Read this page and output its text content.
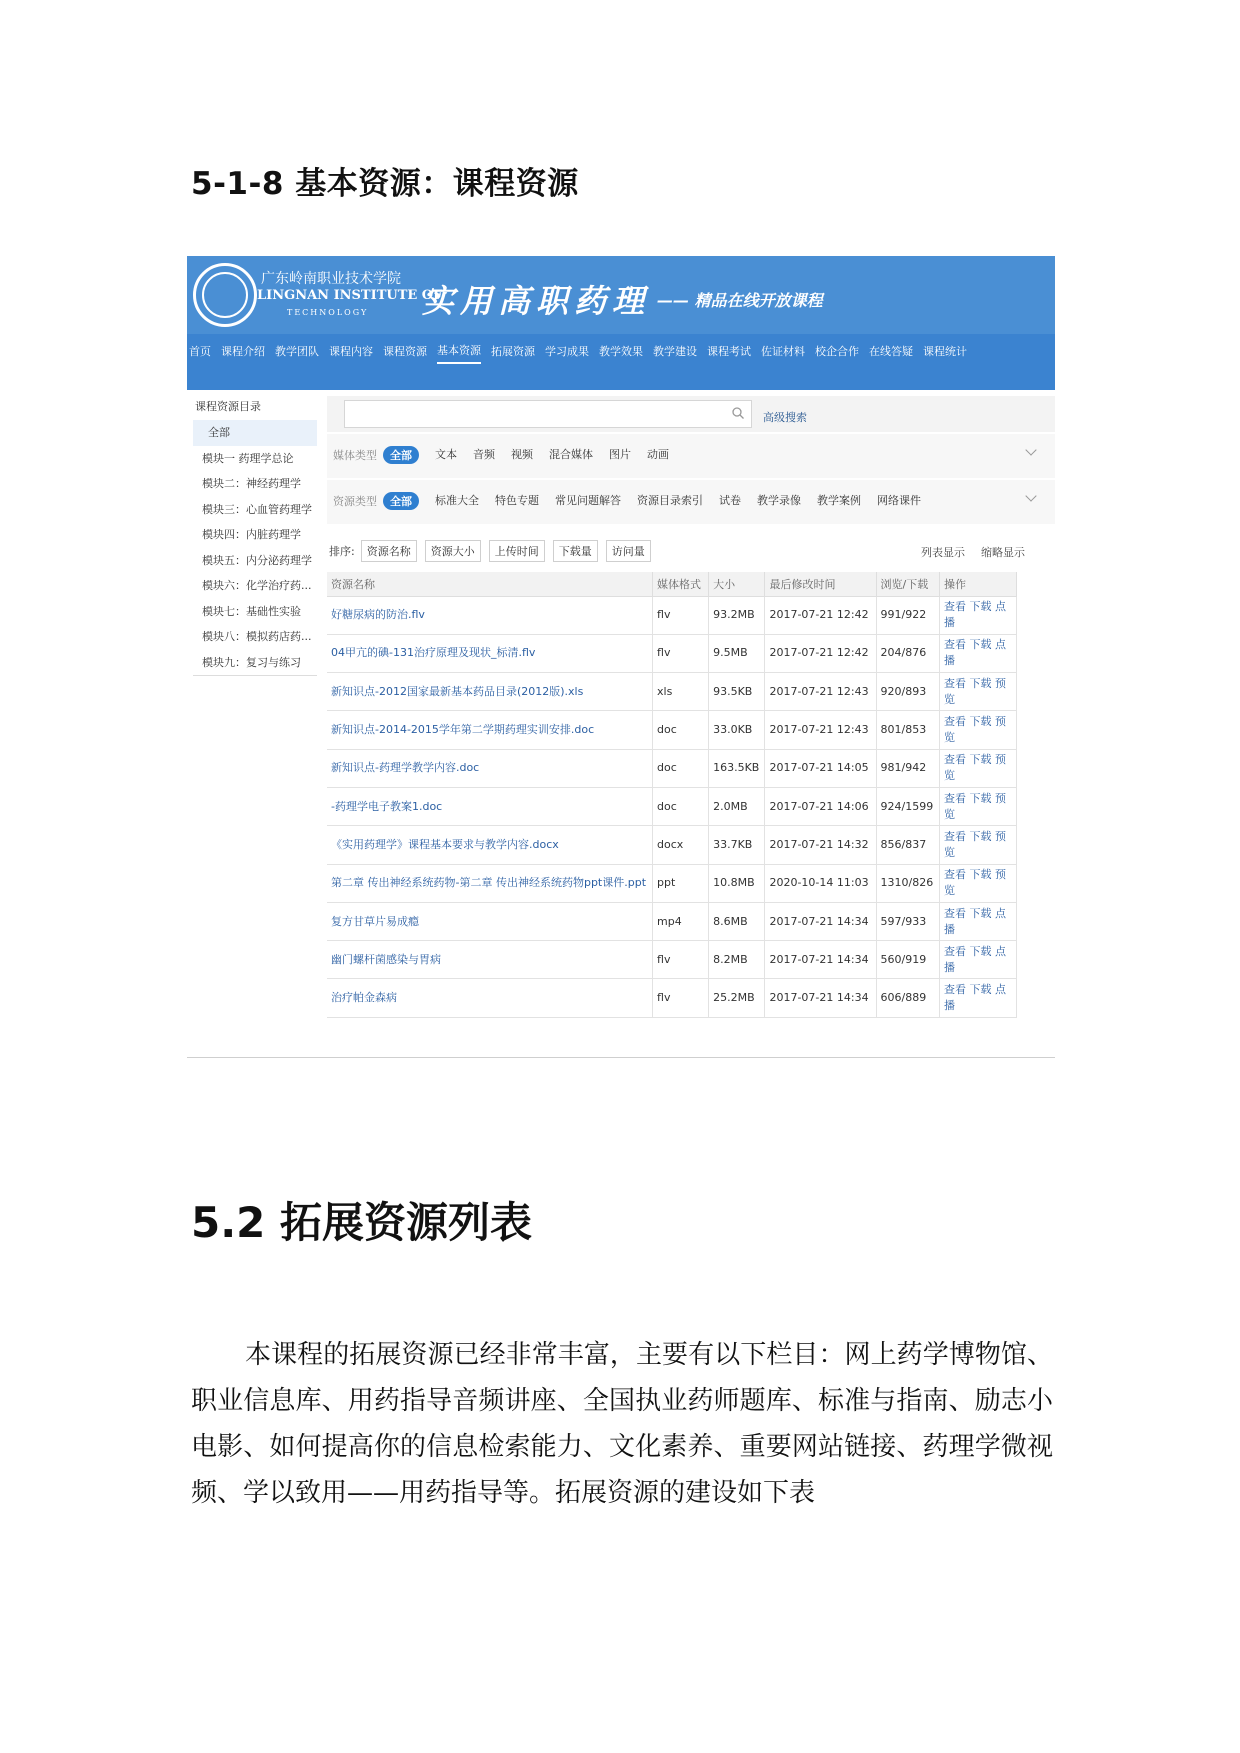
5-1-8 基本资源：课程资源
广东岭南职业技术学院
LINGNAN INSTITUTE OF
TECHNOLOGY 实用高职药理 —— 精品在线开放课程
首页 课程介绍 教学团队 课程内容 课程资源 基本资源 拓展资源 学习成果 教学效果 教学建设 课程考试 佐证材料 校企合作 在线答疑 课程统计
课程资源目录
全部
模块一 药理学总论
模块二：神经药理学
模块三：心血管药理学
模块四：内脏药理学
模块五：内分泌药理学
模块六：化学治疗药...
模块七：基础性实验
模块八：模拟药店药...
模块九：复习与练习
高级搜索
媒体类型	全部	文本 音频 视频 混合媒体 图片 动画
资源类型	全部	标准大全 特色专题 常见问题解答 资源目录索引 试卷 教学录像 教学案例 网络课件
排序:	资源名称	资源大小	上传时间	下载量	访问量	列表显示 缩略显示
资源名称	媒体格式	大小	最后修改时间	浏览/下载	操作
好糖尿病的防治.flv	flv	93.2MB	2017-07-21 12:42	991/922	查看 下载 点播
04甲亢的碘-131治疗原理及现状_标清.flv	flv	9.5MB	2017-07-21 12:42	204/876	查看 下载 点播
新知识点-2012国家最新基本药品目录(2012版).xls	xls	93.5KB	2017-07-21 12:43	920/893	查看 下载 预览
新知识点-2014-2015学年第二学期药理实训安排.doc	doc	33.0KB	2017-07-21 12:43	801/853	查看 下载 预览
新知识点-药理学教学内容.doc	doc	163.5KB	2017-07-21 14:05	981/942	查看 下载 预览
-药理学电子教案1.doc	doc	2.0MB	2017-07-21 14:06	924/1599	查看 下载 预览
《实用药理学》课程基本要求与教学内容.docx	docx	33.7KB	2017-07-21 14:32	856/837	查看 下载 预览
第二章 传出神经系统药物-第二章 传出神经系统药物ppt课件.ppt	ppt	10.8MB	2020-10-14 11:03	1310/826	查看 下载 预览
复方甘草片易成瘾	mp4	8.6MB	2017-07-21 14:34	597/933	查看 下载 点播
幽门螺杆菌感染与胃病	flv	8.2MB	2017-07-21 14:34	560/919	查看 下载 点播
治疗帕金森病	flv	25.2MB	2017-07-21 14:34	606/889	查看 下载 点播
5.2 拓展资源列表
本课程的拓展资源已经非常丰富，主要有以下栏目：网上药学博物馆、职业信息库、用药指导音频讲座、全国执业药师题库、标准与指南、励志小电影、如何提高你的信息检索能力、文化素养、重要网站链接、药理学微视频、学以致用——用药指导等。拓展资源的建设如下表
